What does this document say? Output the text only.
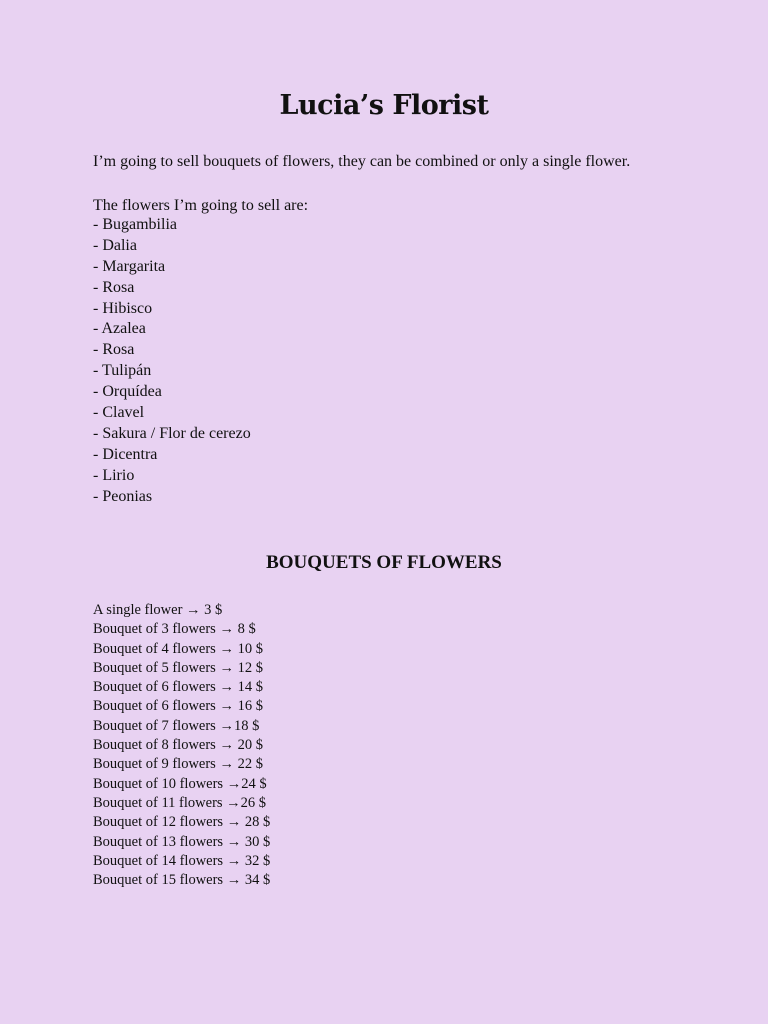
Lucia’s Florist

I’m going to sell bouquets of flowers, they can be combined or only a single flower.

The flowers I’m going to sell are:

- Bugambilia
- Dalia
- Margarita
- Rosa
- Hibisco
- Azalea
- Rosa
- Tulipán
- Orquídea
- Clavel
- Sakura / Flor de cerezo
- Dicentra
- Lirio
- Peonias
BOUQUETS OF FLOWERS
A single flower → 3 $
Bouquet of 3 flowers → 8 $
Bouquet of 4 flowers → 10 $
Bouquet of 5 flowers → 12 $
Bouquet of 6 flowers → 14 $
Bouquet of 6 flowers → 16 $
Bouquet of 7 flowers →18 $
Bouquet of 8 flowers → 20 $
Bouquet of 9 flowers → 22 $
Bouquet of 10 flowers →24 $
Bouquet of 11 flowers →26 $
Bouquet of 12 flowers → 28 $
Bouquet of 13 flowers → 30 $
Bouquet of 14 flowers → 32 $
Bouquet of 15 flowers → 34 $
